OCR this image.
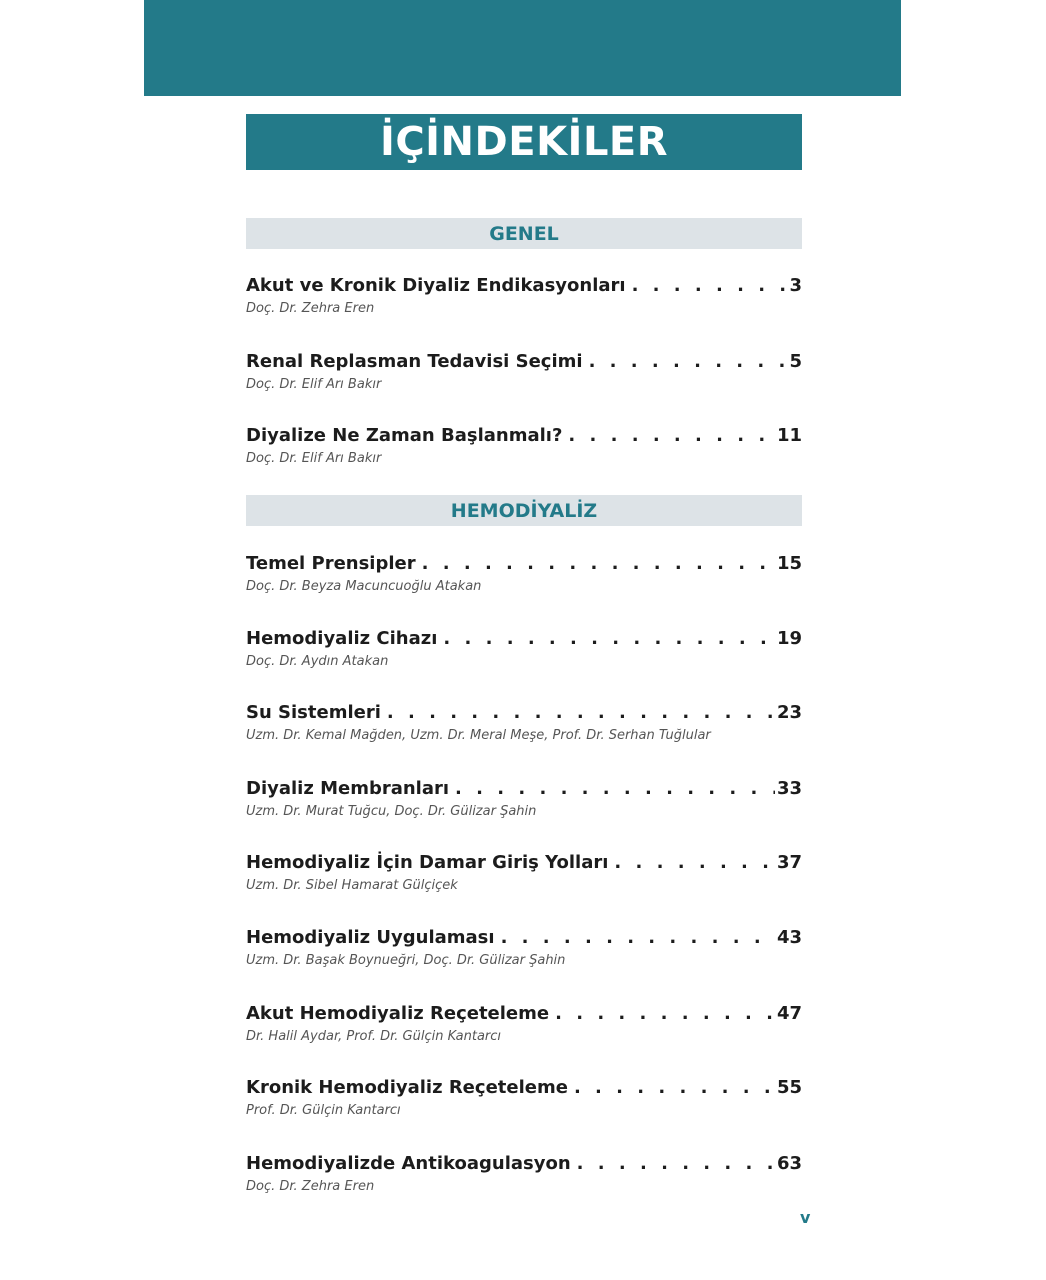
İÇİNDEKİLER
GENEL
Akut ve Kronik Diyaliz Endikasyonları . . .	3
Doç. Dr. Zehra Eren
Renal Replasman Tedavisi Seçimi . . .	5
Doç. Dr. Elif Arı Bakır
Diyalize Ne Zaman Başlanmalı? . . .	11
Doç. Dr. Elif Arı Bakır
HEMODİYALİZ
Temel Prensipler . . .	15
Doç. Dr. Beyza Macuncuoğlu Atakan
Hemodiyaliz Cihazı . . .	19
Doç. Dr. Aydın Atakan
Su Sistemleri . . .	23
Uzm. Dr. Kemal Mağden, Uzm. Dr. Meral Meşe, Prof. Dr. Serhan Tuğlular
Diyaliz Membranları . . .	33
Uzm. Dr. Murat Tuğcu, Doç. Dr. Gülizar Şahin
Hemodiyaliz İçin Damar Giriş Yolları . . .	37
Uzm. Dr. Sibel Hamarat Gülçiçek
Hemodiyaliz Uygulaması . . .	43
Uzm. Dr. Başak Boynueğri, Doç. Dr. Gülizar Şahin
Akut Hemodiyaliz Reçeteleme . . .	47
Dr. Halil Aydar, Prof. Dr. Gülçin Kantarcı
Kronik Hemodiyaliz Reçeteleme . . .	55
Prof. Dr. Gülçin Kantarcı
Hemodiyalizde Antikoagulasyon . . .	63
Doç. Dr. Zehra Eren
v
